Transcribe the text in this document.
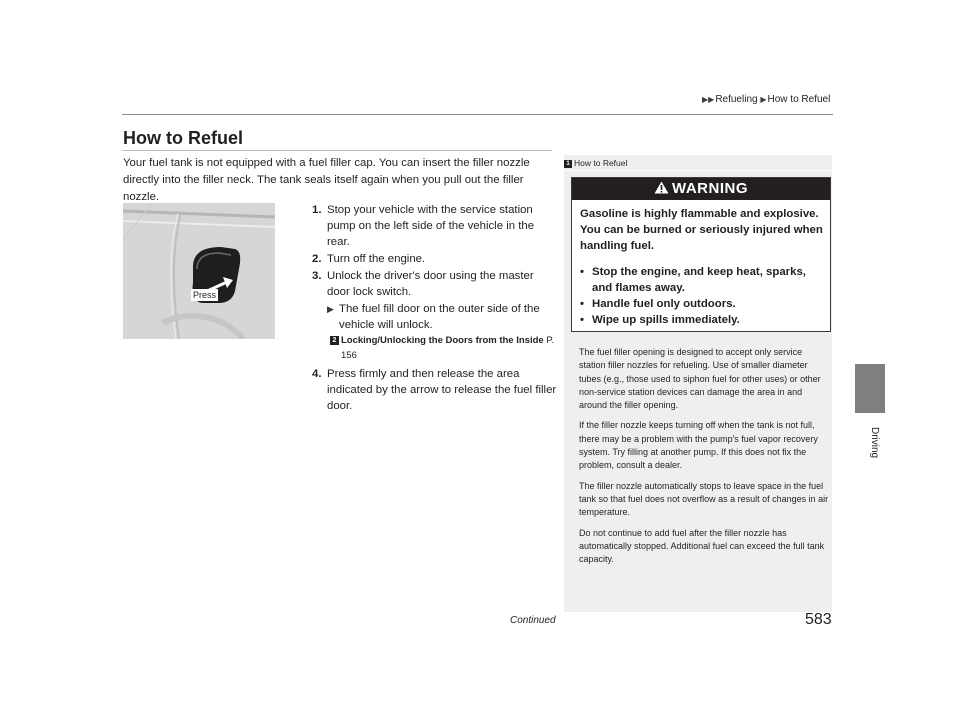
▶▶Refueling ▶How to Refuel
Driving
How to Refuel
Your fuel tank is not equipped with a fuel filler cap. You can insert the filler nozzle directly into the filler neck. The tank seals itself again when you pull out the filler nozzle.
Press
1. Stop your vehicle with the service station pump on the left side of the vehicle in the rear.
2. Turn off the engine.
3. Unlock the driver's door using the master door lock switch.
▶ The fuel fill door on the outer side of the vehicle will unlock.
2 Locking/Unlocking the Doors from the Inside P. 156
4. Press firmly and then release the area indicated by the arrow to release the fuel filler door.
1 How to Refuel
WARNING
Gasoline is highly flammable and explosive. You can be burned or seriously injured when handling fuel.
• Stop the engine, and keep heat, sparks, and flames away.
• Handle fuel only outdoors.
• Wipe up spills immediately.

The fuel filler opening is designed to accept only service station filler nozzles for refueling. Use of smaller diameter tubes (e.g., those used to siphon fuel for other uses) or other non-service station devices can damage the area in and around the filler opening.

If the filler nozzle keeps turning off when the tank is not full, there may be a problem with the pump's fuel vapor recovery system. Try filling at another pump. If this does not fix the problem, consult a dealer.

The filler nozzle automatically stops to leave space in the fuel tank so that fuel does not overflow as a result of changes in air temperature.

Do not continue to add fuel after the filler nozzle has automatically stopped. Additional fuel can exceed the full tank capacity.

Continued	583
